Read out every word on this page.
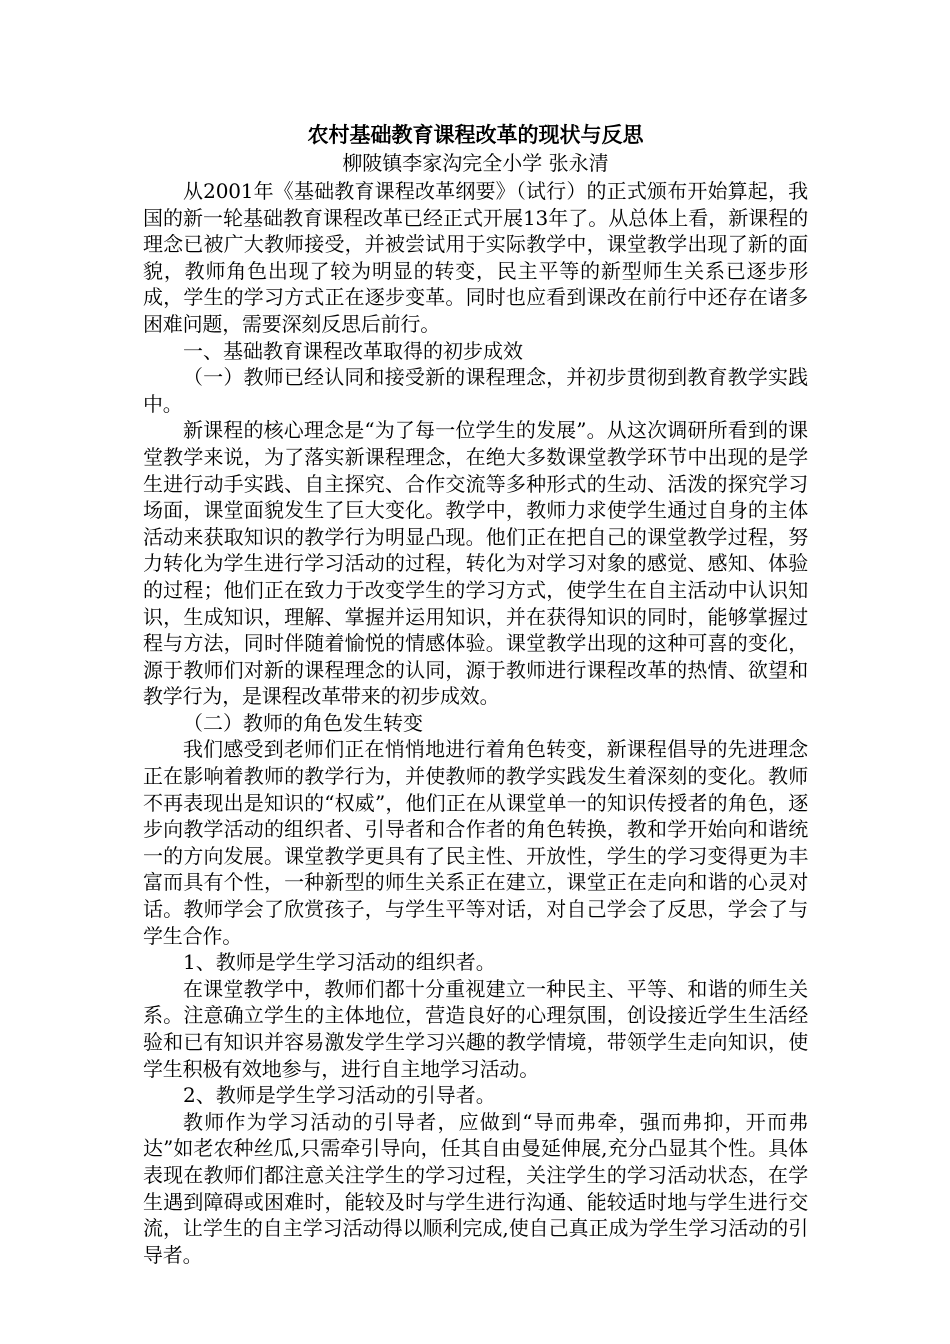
农村基础教育课程改革的现状与反思

柳陂镇李家沟完全小学 张永清

从2001年《基础教育课程改革纲要》（试行）的正式颁布开始算起，我国的新一轮基础教育课程改革已经正式开展13年了。从总体上看，新课程的理念已被广大教师接受，并被尝试用于实际教学中，课堂教学出现了新的面貌，教师角色出现了较为明显的转变，民主平等的新型师生关系已逐步形成，学生的学习方式正在逐步变革。同时也应看到课改在前行中还存在诸多困难问题，需要深刻反思后前行。

一、基础教育课程改革取得的初步成效

（一）教师已经认同和接受新的课程理念，并初步贯彻到教育教学实践中。

新课程的核心理念是“为了每一位学生的发展”。从这次调研所看到的课堂教学来说，为了落实新课程理念，在绝大多数课堂教学环节中出现的是学生进行动手实践、自主探究、合作交流等多种形式的生动、活泼的探究学习场面，课堂面貌发生了巨大变化。教学中，教师力求使学生通过自身的主体活动来获取知识的教学行为明显凸现。他们正在把自己的课堂教学过程，努力转化为学生进行学习活动的过程，转化为对学习对象的感觉、感知、体验的过程；他们正在致力于改变学生的学习方式，使学生在自主活动中认识知识，生成知识，理解、掌握并运用知识，并在获得知识的同时，能够掌握过程与方法，同时伴随着愉悦的情感体验。课堂教学出现的这种可喜的变化，源于教师们对新的课程理念的认同，源于教师进行课程改革的热情、欲望和教学行为，是课程改革带来的初步成效。

（二）教师的角色发生转变

我们感受到老师们正在悄悄地进行着角色转变，新课程倡导的先进理念正在影响着教师的教学行为，并使教师的教学实践发生着深刻的变化。教师不再表现出是知识的“权威”，他们正在从课堂单一的知识传授者的角色，逐步向教学活动的组织者、引导者和合作者的角色转换，教和学开始向和谐统一的方向发展。课堂教学更具有了民主性、开放性，学生的学习变得更为丰富而具有个性，一种新型的师生关系正在建立，课堂正在走向和谐的心灵对话。教师学会了欣赏孩子，与学生平等对话，对自己学会了反思，学会了与学生合作。

1、教师是学生学习活动的组织者。

在课堂教学中，教师们都十分重视建立一种民主、平等、和谐的师生关系。注意确立学生的主体地位，营造良好的心理氛围，创设接近学生生活经验和已有知识并容易激发学生学习兴趣的教学情境，带领学生走向知识，使学生积极有效地参与，进行自主地学习活动。

2、教师是学生学习活动的引导者。

教师作为学习活动的引导者，应做到“导而弗牵，强而弗抑，开而弗达”如老农种丝瓜,只需牵引导向，任其自由曼延伸展,充分凸显其个性。具体表现在教师们都注意关注学生的学习过程，关注学生的学习活动状态，在学生遇到障碍或困难时，能较及时与学生进行沟通、能较适时地与学生进行交流，让学生的自主学习活动得以顺利完成,使自己真正成为学生学习活动的引导者。
